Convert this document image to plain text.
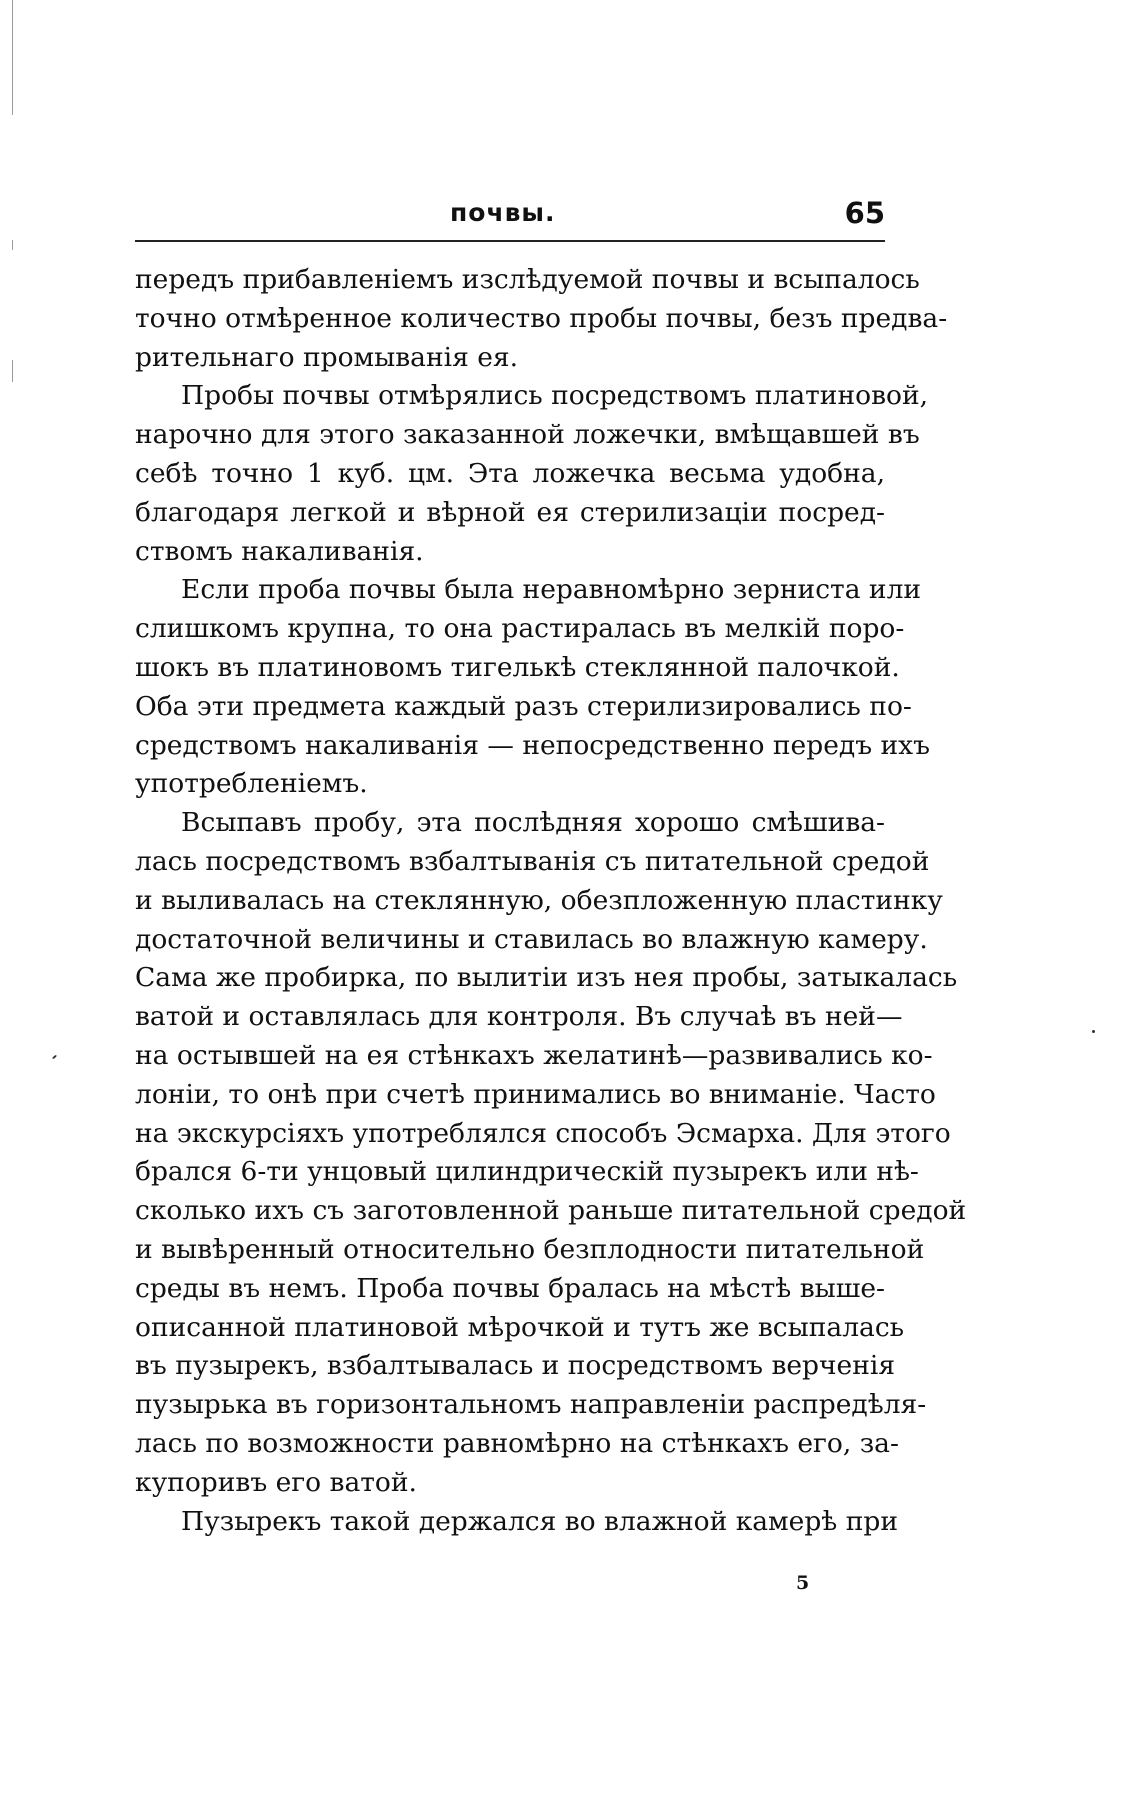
почвы.	65
передъ прибавленіемъ изслѣдуемой почвы и всыпалось
точно отмѣренное количество пробы почвы, безъ предва-
рительнаго промыванія ея.
Пробы почвы отмѣрялись посредствомъ платиновой,
нарочно для этого заказанной ложечки, вмѣщавшей въ
себѣ точно 1 куб. цм. Эта ложечка весьма удобна,
благодаря легкой и вѣрной ея стерилизаціи посред-
ствомъ накаливанія.
Если проба почвы была неравномѣрно зерниста или
слишкомъ крупна, то она растиралась въ мелкій поро-
шокъ въ платиновомъ тигелькѣ стеклянной палочкой.
Оба эти предмета каждый разъ стерилизировались по-
средствомъ накаливанія — непосредственно передъ ихъ
употребленіемъ.
Всыпавъ пробу, эта послѣдняя хорошо смѣшива-
лась посредствомъ взбалтыванія съ питательной средой
и выливалась на стеклянную, обезпложенную пластинку
достаточной величины и ставилась во влажную камеру.
Сама же пробирка, по вылитіи изъ нея пробы, затыкалась
ватой и оставлялась для контроля. Въ случаѣ въ ней—
на остывшей на ея стѣнкахъ желатинѣ—развивались ко-
лоніи, то онѣ при счетѣ принимались во вниманіе. Часто
на экскурсіяхъ употреблялся способъ Эсмарха. Для этого
брался 6-ти унцовый цилиндрическій пузырекъ или нѣ-
сколько ихъ съ заготовленной раньше питательной средой
и вывѣренный относительно безплодности питательной
среды въ немъ. Проба почвы бралась на мѣстѣ выше-
описанной платиновой мѣрочкой и тутъ же всыпалась
въ пузырекъ, взбалтывалась и посредствомъ верченія
пузырька въ горизонтальномъ направленіи распредѣля-
лась по возможности равномѣрно на стѣнкахъ его, за-
купоривъ его ватой.
Пузырекъ такой держался во влажной камерѣ при
5
